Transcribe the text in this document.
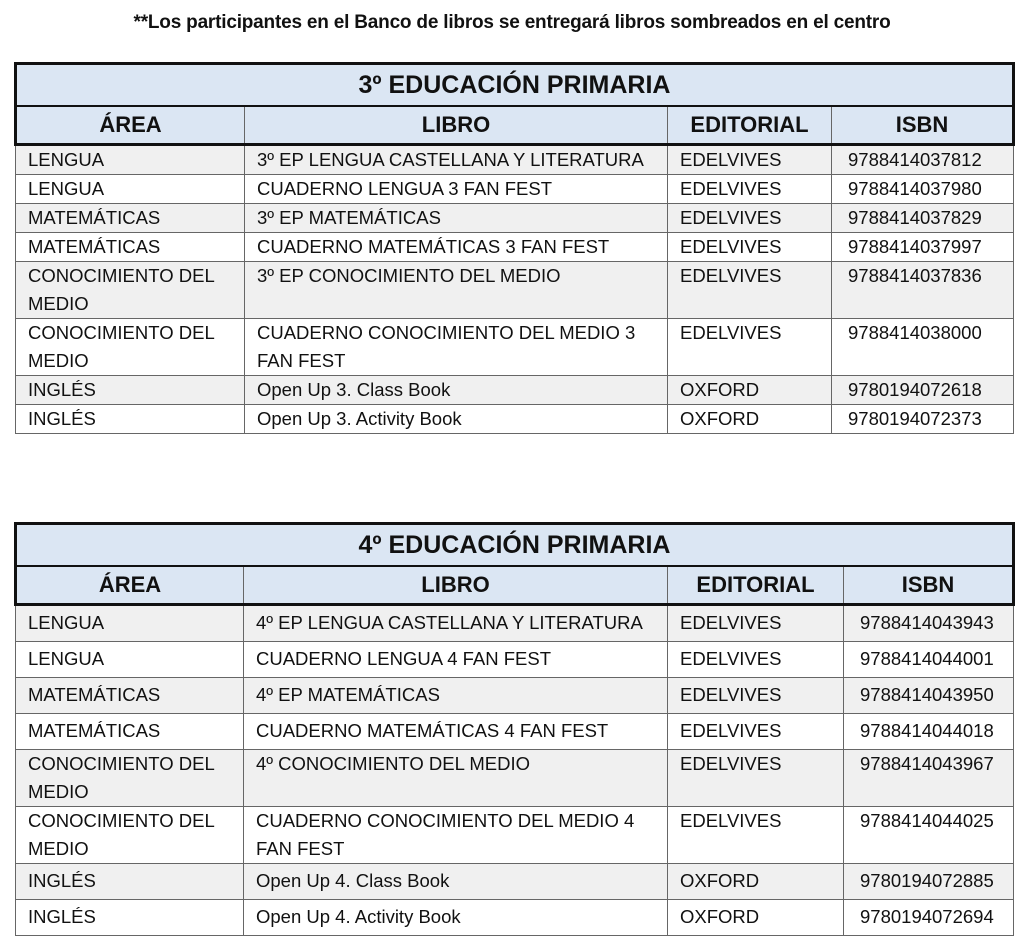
**Los participantes en el Banco de libros se entregará libros sombreados en el centro
3º EDUCACIÓN PRIMARIA			
ÁREA	LIBRO	EDITORIAL	ISBN
LENGUA	3º EP LENGUA CASTELLANA Y LITERATURA	EDELVIVES	9788414037812
LENGUA	CUADERNO LENGUA 3 FAN FEST	EDELVIVES	9788414037980
MATEMÁTICAS	3º EP MATEMÁTICAS	EDELVIVES	9788414037829
MATEMÁTICAS	CUADERNO MATEMÁTICAS 3 FAN FEST	EDELVIVES	9788414037997
CONOCIMIENTO DEL MEDIO	3º EP CONOCIMIENTO DEL MEDIO	EDELVIVES	9788414037836
CONOCIMIENTO DEL MEDIO	CUADERNO CONOCIMIENTO DEL MEDIO 3 FAN FEST	EDELVIVES	9788414038000
INGLÉS	Open Up 3. Class Book	OXFORD	9780194072618
INGLÉS	Open Up 3. Activity Book	OXFORD	9780194072373
4º EDUCACIÓN PRIMARIA			
ÁREA	LIBRO	EDITORIAL	ISBN
LENGUA	4º EP LENGUA CASTELLANA Y LITERATURA	EDELVIVES	9788414043943
LENGUA	CUADERNO LENGUA 4 FAN FEST	EDELVIVES	9788414044001
MATEMÁTICAS	4º EP MATEMÁTICAS	EDELVIVES	9788414043950
MATEMÁTICAS	CUADERNO MATEMÁTICAS 4 FAN FEST	EDELVIVES	9788414044018
CONOCIMIENTO DEL MEDIO	4º CONOCIMIENTO DEL MEDIO	EDELVIVES	9788414043967
CONOCIMIENTO DEL MEDIO	CUADERNO CONOCIMIENTO DEL MEDIO 4 FAN FEST	EDELVIVES	9788414044025
INGLÉS	Open Up 4. Class Book	OXFORD	9780194072885
INGLÉS	Open Up 4. Activity Book	OXFORD	9780194072694
